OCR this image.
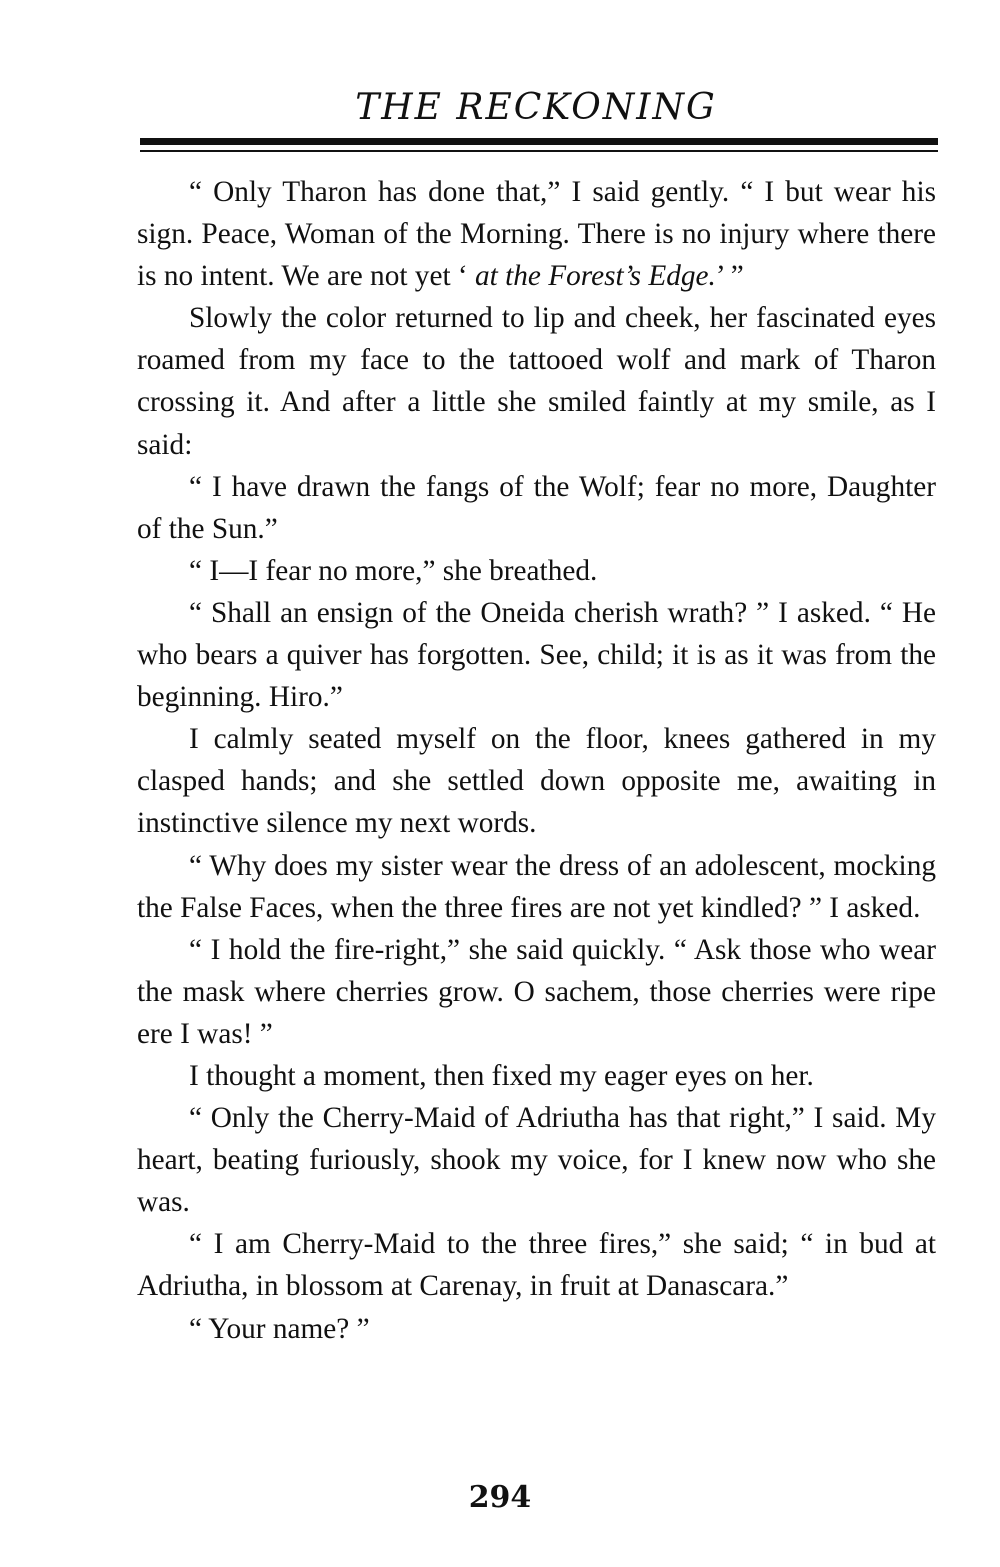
THE RECKONING

“ Only Tharon has done that,” I said gently. “ I but wear his sign. Peace, Woman of the Morning. There is no injury where there is no intent. We are not yet ‘ at the Forest’s Edge.’ ”

Slowly the color returned to lip and cheek, her fascinated eyes roamed from my face to the tattooed wolf and mark of Tharon crossing it. And after a little she smiled faintly at my smile, as I said:

“ I have drawn the fangs of the Wolf; fear no more, Daughter of the Sun.”

“ I—I fear no more,” she breathed.

“ Shall an ensign of the Oneida cherish wrath? ” I asked. “ He who bears a quiver has forgotten. See, child; it is as it was from the beginning. Hiro.”

I calmly seated myself on the floor, knees gathered in my clasped hands; and she settled down opposite me, awaiting in instinctive silence my next words.

“ Why does my sister wear the dress of an adolescent, mocking the False Faces, when the three fires are not yet kindled? ” I asked.

“ I hold the fire-right,” she said quickly. “ Ask those who wear the mask where cherries grow. O sachem, those cherries were ripe ere I was! ”

I thought a moment, then fixed my eager eyes on her.

“ Only the Cherry-Maid of Adriutha has that right,” I said. My heart, beating furiously, shook my voice, for I knew now who she was.

“ I am Cherry-Maid to the three fires,” she said; “ in bud at Adriutha, in blossom at Carenay, in fruit at Danascara.”

“ Your name? ”

294
